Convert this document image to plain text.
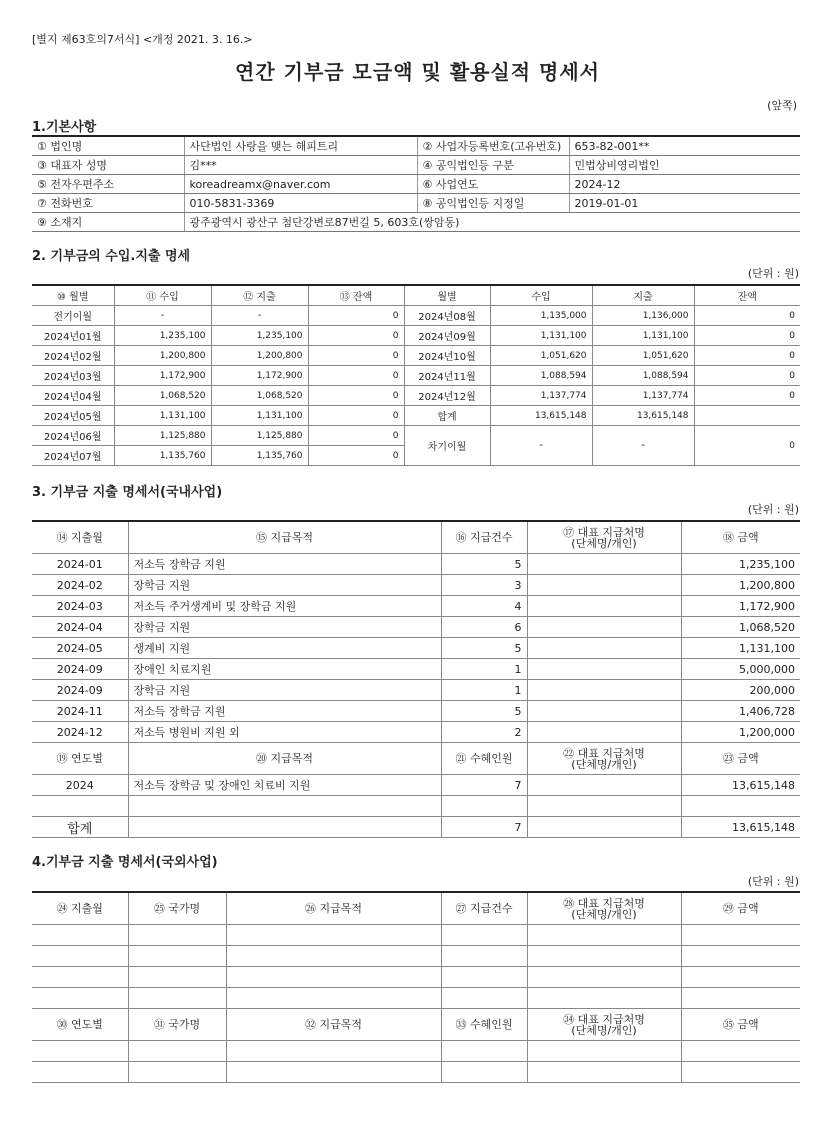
[별지 제63호의7서식] <개정 2021. 3. 16.>
연간 기부금 모금액 및 활용실적 명세서
(앞쪽)
1.기본사항
① 법인명	사단법인 사랑을 맺는 해피트리	② 사업자등록번호(고유번호)	653-82-001**
③ 대표자 성명	김***	④ 공익법인등 구분	민법상비영리법인
⑤ 전자우편주소	koreadreamx@naver.com	⑥ 사업연도	2024-12
⑦ 전화번호	010-5831-3369	⑧ 공익법인등 지정일	2019-01-01
⑨ 소재지	광주광역시 광산구 첨단강변로87번길 5, 603호(쌍암동)		
2. 기부금의 수입.지출 명세
(단위 : 원)
⑩ 월별	⑪ 수입	⑫ 지출	⑬ 잔액	월별	수입	지출	잔액
전기이월	-	-	0	2024년08월	1,135,000	1,136,000	0
2024년01월	1,235,100	1,235,100	0	2024년09월	1,131,100	1,131,100	0
2024년02월	1,200,800	1,200,800	0	2024년10월	1,051,620	1,051,620	0
2024년03월	1,172,900	1,172,900	0	2024년11월	1,088,594	1,088,594	0
2024년04월	1,068,520	1,068,520	0	2024년12월	1,137,774	1,137,774	0
2024년05월	1,131,100	1,131,100	0	합계	13,615,148	13,615,148	
2024년06월	1,125,880	1,125,880	0	차기이월	-	-	0
2024년07월	1,135,760	1,135,760	0				
3. 기부금 지출 명세서(국내사업)
(단위 : 원)
⑭ 지출월	⑮ 지급목적	⑯ 지급건수	⑰ 대표 지급처명
(단체명/개인)	⑱ 금액

2024-01	저소득 장학금 지원	5		1,235,100
2024-02	장학금 지원	3		1,200,800
2024-03	저소득 주거생계비 및 장학금 지원	4		1,172,900
2024-04	장학금 지원	6		1,068,520
2024-05	생계비 지원	5		1,131,100
2024-09	장애인 치료지원	1		5,000,000
2024-09	장학금 지원	1		200,000
2024-11	저소득 장학금 지원	5		1,406,728
2024-12	저소득 병원비 지원 외	2		1,200,000

⑲ 연도별	⑳ 지급목적	㉑ 수혜인원	㉒ 대표 지급처명
(단체명/개인)	㉓ 금액

2024	저소득 장학금 및 장애인 치료비 지원	7		13,615,148

합계		7		13,615,148
4.기부금 지출 명세서(국외사업)
(단위 : 원)
㉔ 지출월	㉕ 국가명	㉖ 지급목적	㉗ 지급건수	㉘ 대표 지급처명
(단체명/개인)	㉙ 금액

㉚ 연도별	㉛ 국가명	㉜ 지급목적	㉝ 수혜인원	㉞ 대표 지급처명
(단체명/개인)	㉟ 금액
